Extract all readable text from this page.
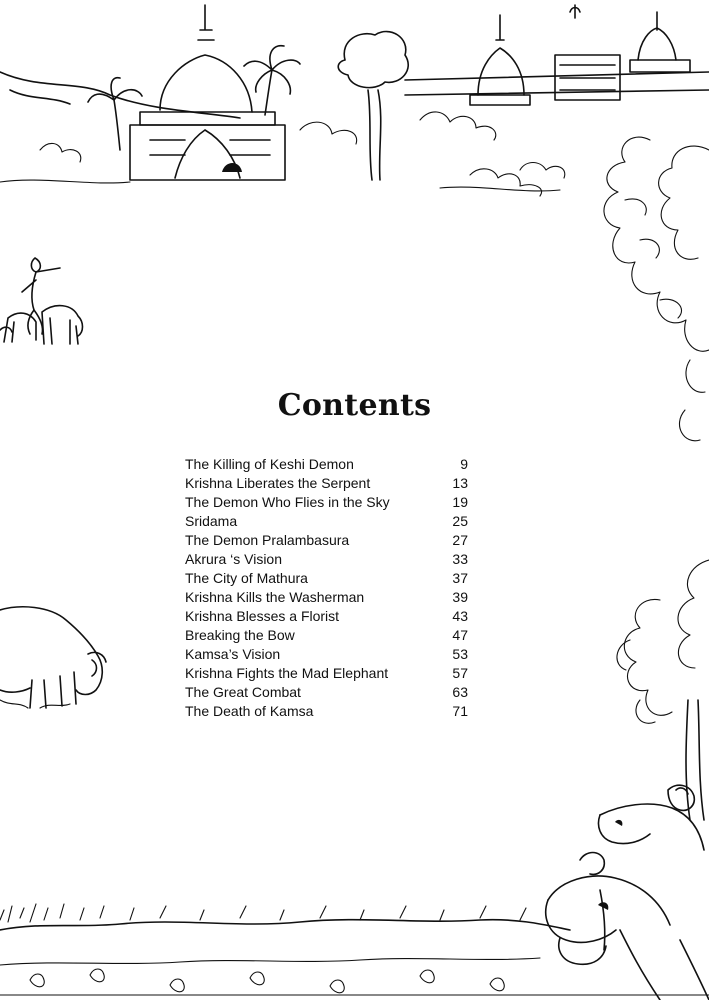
Contents
The Killing of Keshi Demon	9
Krishna Liberates the Serpent	13
The Demon Who Flies in the Sky	19
Sridama	25
The Demon Pralambasura	27
Akrura ‘s Vision	33
The City of Mathura	37
Krishna Kills the Washerman	39
Krishna Blesses a Florist	43
Breaking the Bow	47
Kamsa’s Vision	53
Krishna Fights the Mad Elephant	57
The Great Combat	63
The Death of Kamsa	71
